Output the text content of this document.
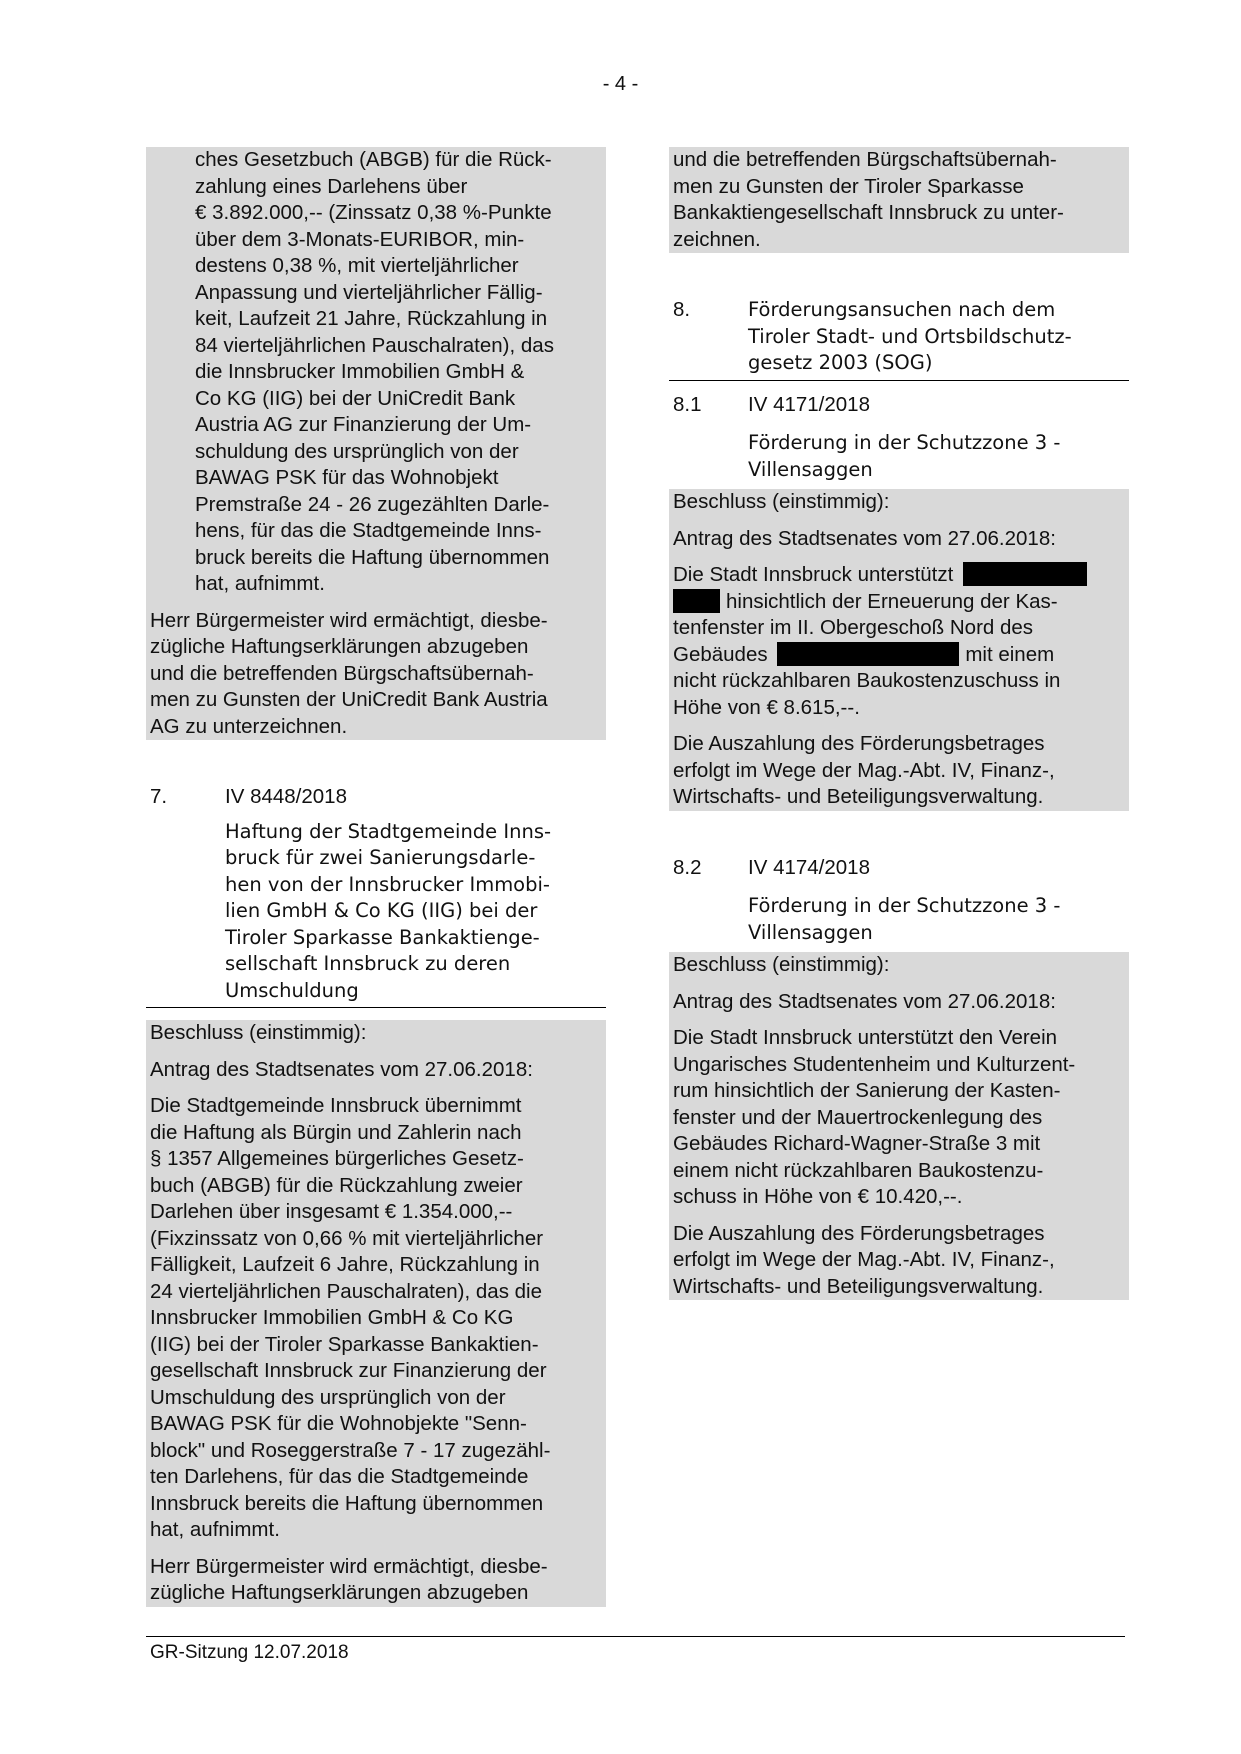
- 4 -
ches Gesetzbuch (ABGB) für die Rück-
zahlung eines Darlehens über
€ 3.892.000,-- (Zinssatz 0,38 %-Punkte
über dem 3-Monats-EURIBOR, min-
destens 0,38 %, mit vierteljährlicher
Anpassung und vierteljährlicher Fällig-
keit, Laufzeit 21 Jahre, Rückzahlung in
84 vierteljährlichen Pauschalraten), das
die Innsbrucker Immobilien GmbH &
Co KG (IIG) bei der UniCredit Bank
Austria AG zur Finanzierung der Um-
schuldung des ursprünglich von der
BAWAG PSK für das Wohnobjekt
Premstraße 24 - 26 zugezählten Darle-
hens, für das die Stadtgemeinde Inns-
bruck bereits die Haftung übernommen
hat, aufnimmt.
Herr Bürgermeister wird ermächtigt, diesbe-
zügliche Haftungserklärungen abzugeben
und die betreffenden Bürgschaftsübernah-
men zu Gunsten der UniCredit Bank Austria
AG zu unterzeichnen.
7.	IV 8448/2018
Haftung der Stadtgemeinde Inns-
bruck für zwei Sanierungsdarle-
hen von der Innsbrucker Immobi-
lien GmbH & Co KG (IIG) bei der
Tiroler Sparkasse Bankaktienge-
sellschaft Innsbruck zu deren
Umschuldung
Beschluss (einstimmig):
Antrag des Stadtsenates vom 27.06.2018:
Die Stadtgemeinde Innsbruck übernimmt
die Haftung als Bürgin und Zahlerin nach
§ 1357 Allgemeines bürgerliches Gesetz-
buch (ABGB) für die Rückzahlung zweier
Darlehen über insgesamt € 1.354.000,--
(Fixzinssatz von 0,66 % mit vierteljährlicher
Fälligkeit, Laufzeit 6 Jahre, Rückzahlung in
24 vierteljährlichen Pauschalraten), das die
Innsbrucker Immobilien GmbH & Co KG
(IIG) bei der Tiroler Sparkasse Bankaktien-
gesellschaft Innsbruck zur Finanzierung der
Umschuldung des ursprünglich von der
BAWAG PSK für die Wohnobjekte "Senn-
block" und Roseggerstraße 7 - 17 zugezähl-
ten Darlehens, für das die Stadtgemeinde
Innsbruck bereits die Haftung übernommen
hat, aufnimmt.
Herr Bürgermeister wird ermächtigt, diesbe-
zügliche Haftungserklärungen abzugeben
und die betreffenden Bürgschaftsübernah-
men zu Gunsten der Tiroler Sparkasse
Bankaktiengesellschaft Innsbruck zu unter-
zeichnen.
8.	Förderungsansuchen nach dem
Tiroler Stadt- und Ortsbildschutz-
gesetz 2003 (SOG)
8.1	IV 4171/2018
Förderung in der Schutzzone 3 -
Villensaggen
Beschluss (einstimmig):
Antrag des Stadtsenates vom 27.06.2018:
Die Stadt Innsbruck unterstützt
hinsichtlich der Erneuerung der Kas-
tenfenster im II. Obergeschoß Nord des
Gebäudes	mit einem
nicht rückzahlbaren Baukostenzuschuss in
Höhe von € 8.615,--.
Die Auszahlung des Förderungsbetrages
erfolgt im Wege der Mag.-Abt. IV, Finanz-,
Wirtschafts- und Beteiligungsverwaltung.
8.2	IV 4174/2018
Förderung in der Schutzzone 3 -
Villensaggen
Beschluss (einstimmig):
Antrag des Stadtsenates vom 27.06.2018:
Die Stadt Innsbruck unterstützt den Verein
Ungarisches Studentenheim und Kulturzent-
rum hinsichtlich der Sanierung der Kasten-
fenster und der Mauertrockenlegung des
Gebäudes Richard-Wagner-Straße 3 mit
einem nicht rückzahlbaren Baukostenzu-
schuss in Höhe von € 10.420,--.
Die Auszahlung des Förderungsbetrages
erfolgt im Wege der Mag.-Abt. IV, Finanz-,
Wirtschafts- und Beteiligungsverwaltung.
GR-Sitzung 12.07.2018
